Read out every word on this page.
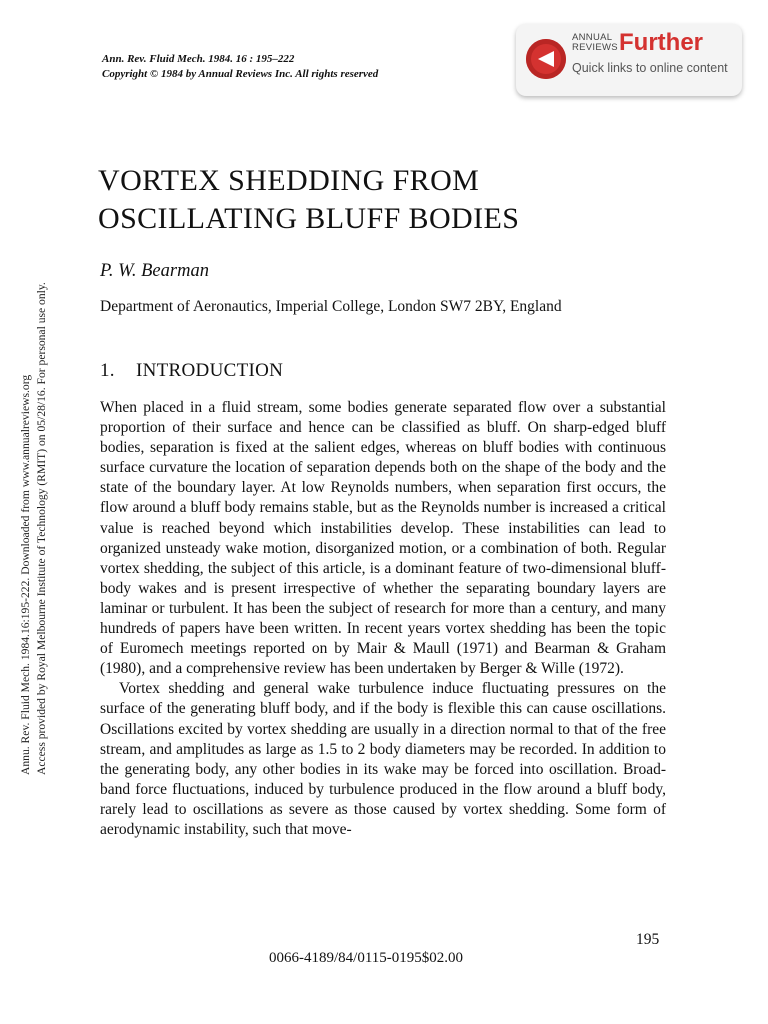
Annu. Rev. Fluid Mech. 1984.16:195-222. Downloaded from www.annualreviews.org Access provided by Royal Melbourne Institute of Technology (RMIT) on 05/28/16. For personal use only.
Ann. Rev. Fluid Mech. 1984. 16 : 195–222
Copyright © 1984 by Annual Reviews Inc. All rights reserved
ANNUAL
REVIEWS Further
Quick links to online content
VORTEX SHEDDING FROM
OSCILLATING BLUFF BODIES
P. W. Bearman
Department of Aeronautics, Imperial College, London SW7 2BY, England
1. INTRODUCTION

When placed in a fluid stream, some bodies generate separated flow over a substantial proportion of their surface and hence can be classified as bluff. On sharp-edged bluff bodies, separation is fixed at the salient edges, whereas on bluff bodies with continuous surface curvature the location of separation depends both on the shape of the body and the state of the boundary layer. At low Reynolds numbers, when separation first occurs, the flow around a bluff body remains stable, but as the Reynolds number is increased a critical value is reached beyond which instabilities develop. These instabilities can lead to organized unsteady wake motion, disorganized motion, or a combination of both. Regular vortex shedding, the subject of this article, is a dominant feature of two-dimensional bluff-body wakes and is present irrespective of whether the separating boundary layers are laminar or turbulent. It has been the subject of research for more than a century, and many hundreds of papers have been written. In recent years vortex shedding has been the topic of Euromech meetings reported on by Mair & Maull (1971) and Bearman & Graham (1980), and a comprehensive review has been undertaken by Berger & Wille (1972).

Vortex shedding and general wake turbulence induce fluctuating pressures on the surface of the generating bluff body, and if the body is flexible this can cause oscillations. Oscillations excited by vortex shedding are usually in a direction normal to that of the free stream, and amplitudes as large as 1.5 to 2 body diameters may be recorded. In addition to the generating body, any other bodies in its wake may be forced into oscillation. Broad-band force fluctuations, induced by turbulence produced in the flow around a bluff body, rarely lead to oscillations as severe as those caused by vortex shedding. Some form of aerodynamic instability, such that move-

195
0066-4189/84/0115-0195$02.00
